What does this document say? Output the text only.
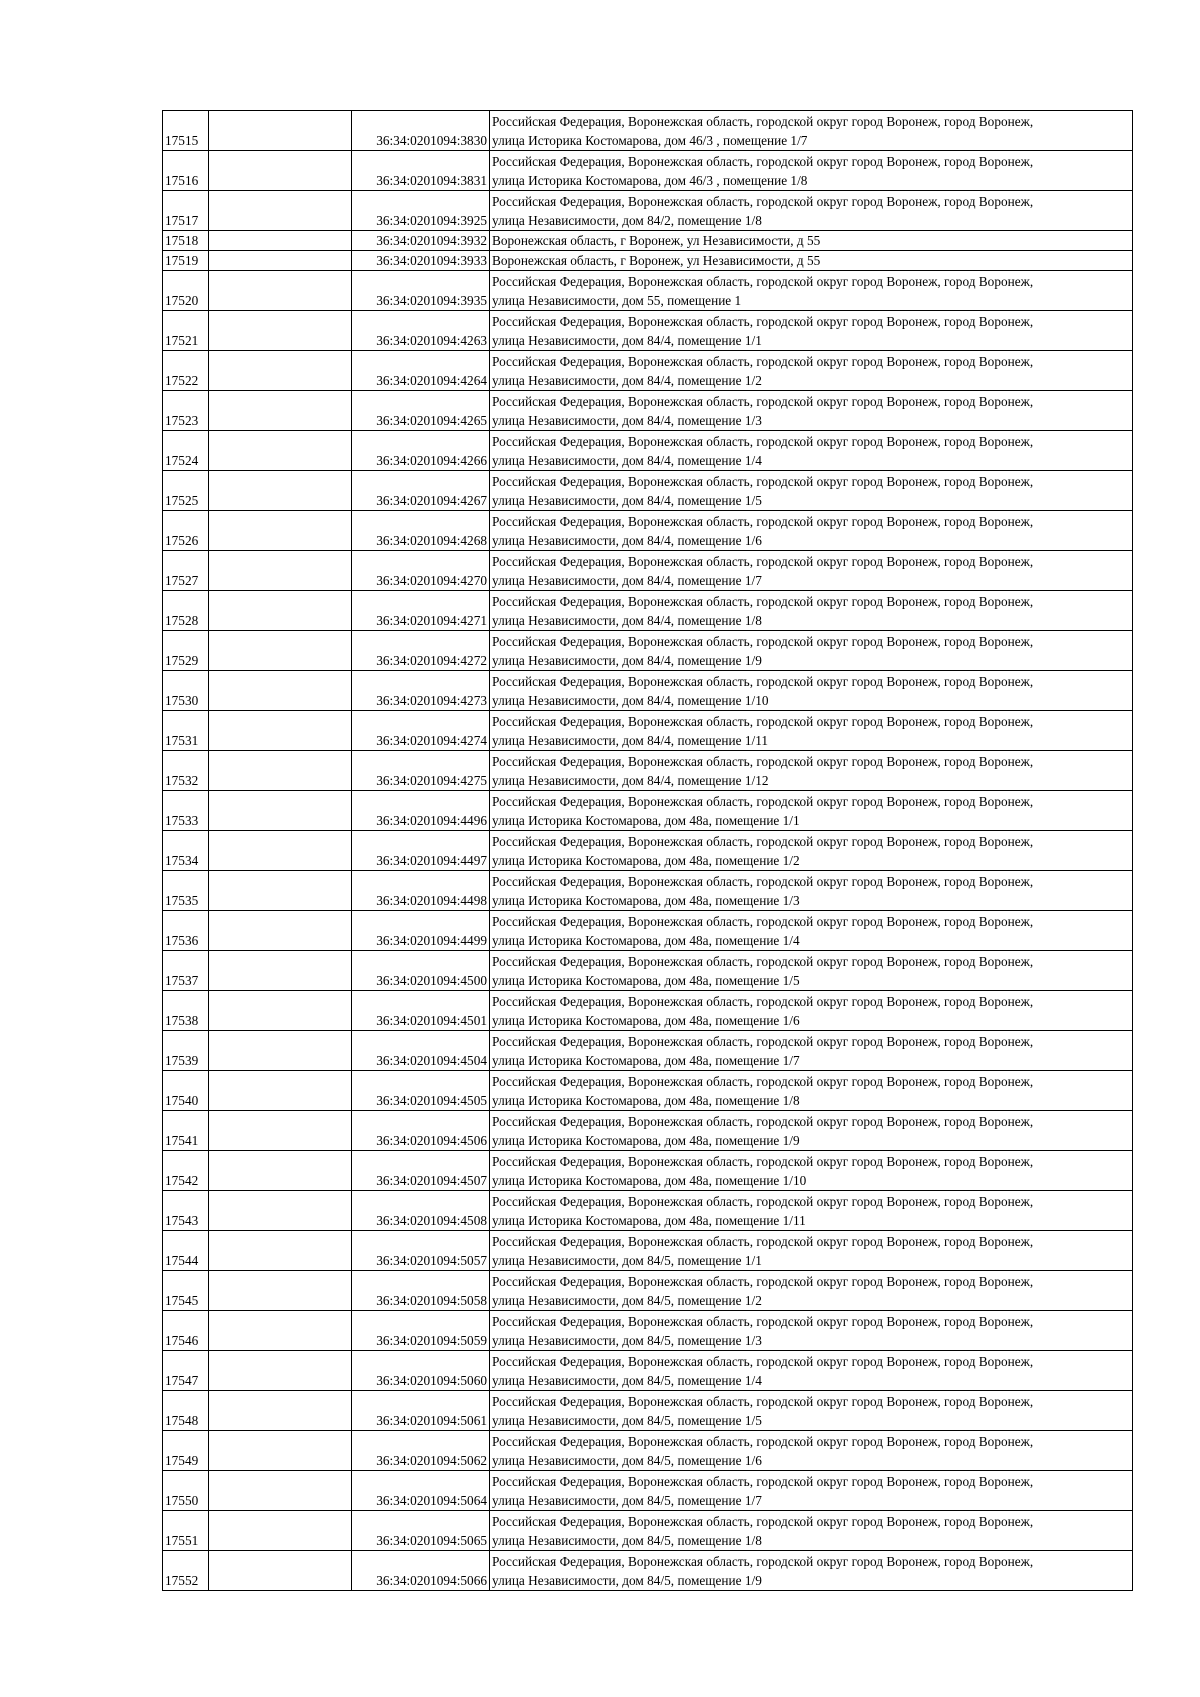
17515		36:34:0201094:3830	Российская Федерация, Воронежская область, городской округ город Воронеж, город Воронеж,
улица Историка Костомарова, дом 46/3 , помещение 1/7

17516		36:34:0201094:3831	Российская Федерация, Воронежская область, городской округ город Воронеж, город Воронеж,
улица Историка Костомарова, дом 46/3 , помещение 1/8

17517		36:34:0201094:3925	Российская Федерация, Воронежская область, городской округ город Воронеж, город Воронеж,
улица Независимости, дом 84/2, помещение 1/8

17518		36:34:0201094:3932	Воронежская область, г Воронеж, ул Независимости, д 55

17519		36:34:0201094:3933	Воронежская область, г Воронеж, ул Независимости, д 55

17520		36:34:0201094:3935	Российская Федерация, Воронежская область, городской округ город Воронеж, город Воронеж,
улица Независимости, дом 55, помещение 1

17521		36:34:0201094:4263	Российская Федерация, Воронежская область, городской округ город Воронеж, город Воронеж,
улица Независимости, дом 84/4, помещение 1/1

17522		36:34:0201094:4264	Российская Федерация, Воронежская область, городской округ город Воронеж, город Воронеж,
улица Независимости, дом 84/4, помещение 1/2

17523		36:34:0201094:4265	Российская Федерация, Воронежская область, городской округ город Воронеж, город Воронеж,
улица Независимости, дом 84/4, помещение 1/3

17524		36:34:0201094:4266	Российская Федерация, Воронежская область, городской округ город Воронеж, город Воронеж,
улица Независимости, дом 84/4, помещение 1/4

17525		36:34:0201094:4267	Российская Федерация, Воронежская область, городской округ город Воронеж, город Воронеж,
улица Независимости, дом 84/4, помещение 1/5

17526		36:34:0201094:4268	Российская Федерация, Воронежская область, городской округ город Воронеж, город Воронеж,
улица Независимости, дом 84/4, помещение 1/6

17527		36:34:0201094:4270	Российская Федерация, Воронежская область, городской округ город Воронеж, город Воронеж,
улица Независимости, дом 84/4, помещение 1/7

17528		36:34:0201094:4271	Российская Федерация, Воронежская область, городской округ город Воронеж, город Воронеж,
улица Независимости, дом 84/4, помещение 1/8

17529		36:34:0201094:4272	Российская Федерация, Воронежская область, городской округ город Воронеж, город Воронеж,
улица Независимости, дом 84/4, помещение 1/9

17530		36:34:0201094:4273	Российская Федерация, Воронежская область, городской округ город Воронеж, город Воронеж,
улица Независимости, дом 84/4, помещение 1/10

17531		36:34:0201094:4274	Российская Федерация, Воронежская область, городской округ город Воронеж, город Воронеж,
улица Независимости, дом 84/4, помещение 1/11

17532		36:34:0201094:4275	Российская Федерация, Воронежская область, городской округ город Воронеж, город Воронеж,
улица Независимости, дом 84/4, помещение 1/12

17533		36:34:0201094:4496	Российская Федерация, Воронежская область, городской округ город Воронеж, город Воронеж,
улица Историка Костомарова, дом 48а, помещение 1/1

17534		36:34:0201094:4497	Российская Федерация, Воронежская область, городской округ город Воронеж, город Воронеж,
улица Историка Костомарова, дом 48а, помещение 1/2

17535		36:34:0201094:4498	Российская Федерация, Воронежская область, городской округ город Воронеж, город Воронеж,
улица Историка Костомарова, дом 48а, помещение 1/3

17536		36:34:0201094:4499	Российская Федерация, Воронежская область, городской округ город Воронеж, город Воронеж,
улица Историка Костомарова, дом 48а, помещение 1/4

17537		36:34:0201094:4500	Российская Федерация, Воронежская область, городской округ город Воронеж, город Воронеж,
улица Историка Костомарова, дом 48а, помещение 1/5

17538		36:34:0201094:4501	Российская Федерация, Воронежская область, городской округ город Воронеж, город Воронеж,
улица Историка Костомарова, дом 48а, помещение 1/6

17539		36:34:0201094:4504	Российская Федерация, Воронежская область, городской округ город Воронеж, город Воронеж,
улица Историка Костомарова, дом 48а, помещение 1/7

17540		36:34:0201094:4505	Российская Федерация, Воронежская область, городской округ город Воронеж, город Воронеж,
улица Историка Костомарова, дом 48а, помещение 1/8

17541		36:34:0201094:4506	Российская Федерация, Воронежская область, городской округ город Воронеж, город Воронеж,
улица Историка Костомарова, дом 48а, помещение 1/9

17542		36:34:0201094:4507	Российская Федерация, Воронежская область, городской округ город Воронеж, город Воронеж,
улица Историка Костомарова, дом 48а, помещение 1/10

17543		36:34:0201094:4508	Российская Федерация, Воронежская область, городской округ город Воронеж, город Воронеж,
улица Историка Костомарова, дом 48а, помещение 1/11

17544		36:34:0201094:5057	Российская Федерация, Воронежская область, городской округ город Воронеж, город Воронеж,
улица Независимости, дом 84/5, помещение 1/1

17545		36:34:0201094:5058	Российская Федерация, Воронежская область, городской округ город Воронеж, город Воронеж,
улица Независимости, дом 84/5, помещение 1/2

17546		36:34:0201094:5059	Российская Федерация, Воронежская область, городской округ город Воронеж, город Воронеж,
улица Независимости, дом 84/5, помещение 1/3

17547		36:34:0201094:5060	Российская Федерация, Воронежская область, городской округ город Воронеж, город Воронеж,
улица Независимости, дом 84/5, помещение 1/4

17548		36:34:0201094:5061	Российская Федерация, Воронежская область, городской округ город Воронеж, город Воронеж,
улица Независимости, дом 84/5, помещение 1/5

17549		36:34:0201094:5062	Российская Федерация, Воронежская область, городской округ город Воронеж, город Воронеж,
улица Независимости, дом 84/5, помещение 1/6

17550		36:34:0201094:5064	Российская Федерация, Воронежская область, городской округ город Воронеж, город Воронеж,
улица Независимости, дом 84/5, помещение 1/7

17551		36:34:0201094:5065	Российская Федерация, Воронежская область, городской округ город Воронеж, город Воронеж,
улица Независимости, дом 84/5, помещение 1/8

17552		36:34:0201094:5066	Российская Федерация, Воронежская область, городской округ город Воронеж, город Воронеж,
улица Независимости, дом 84/5, помещение 1/9
